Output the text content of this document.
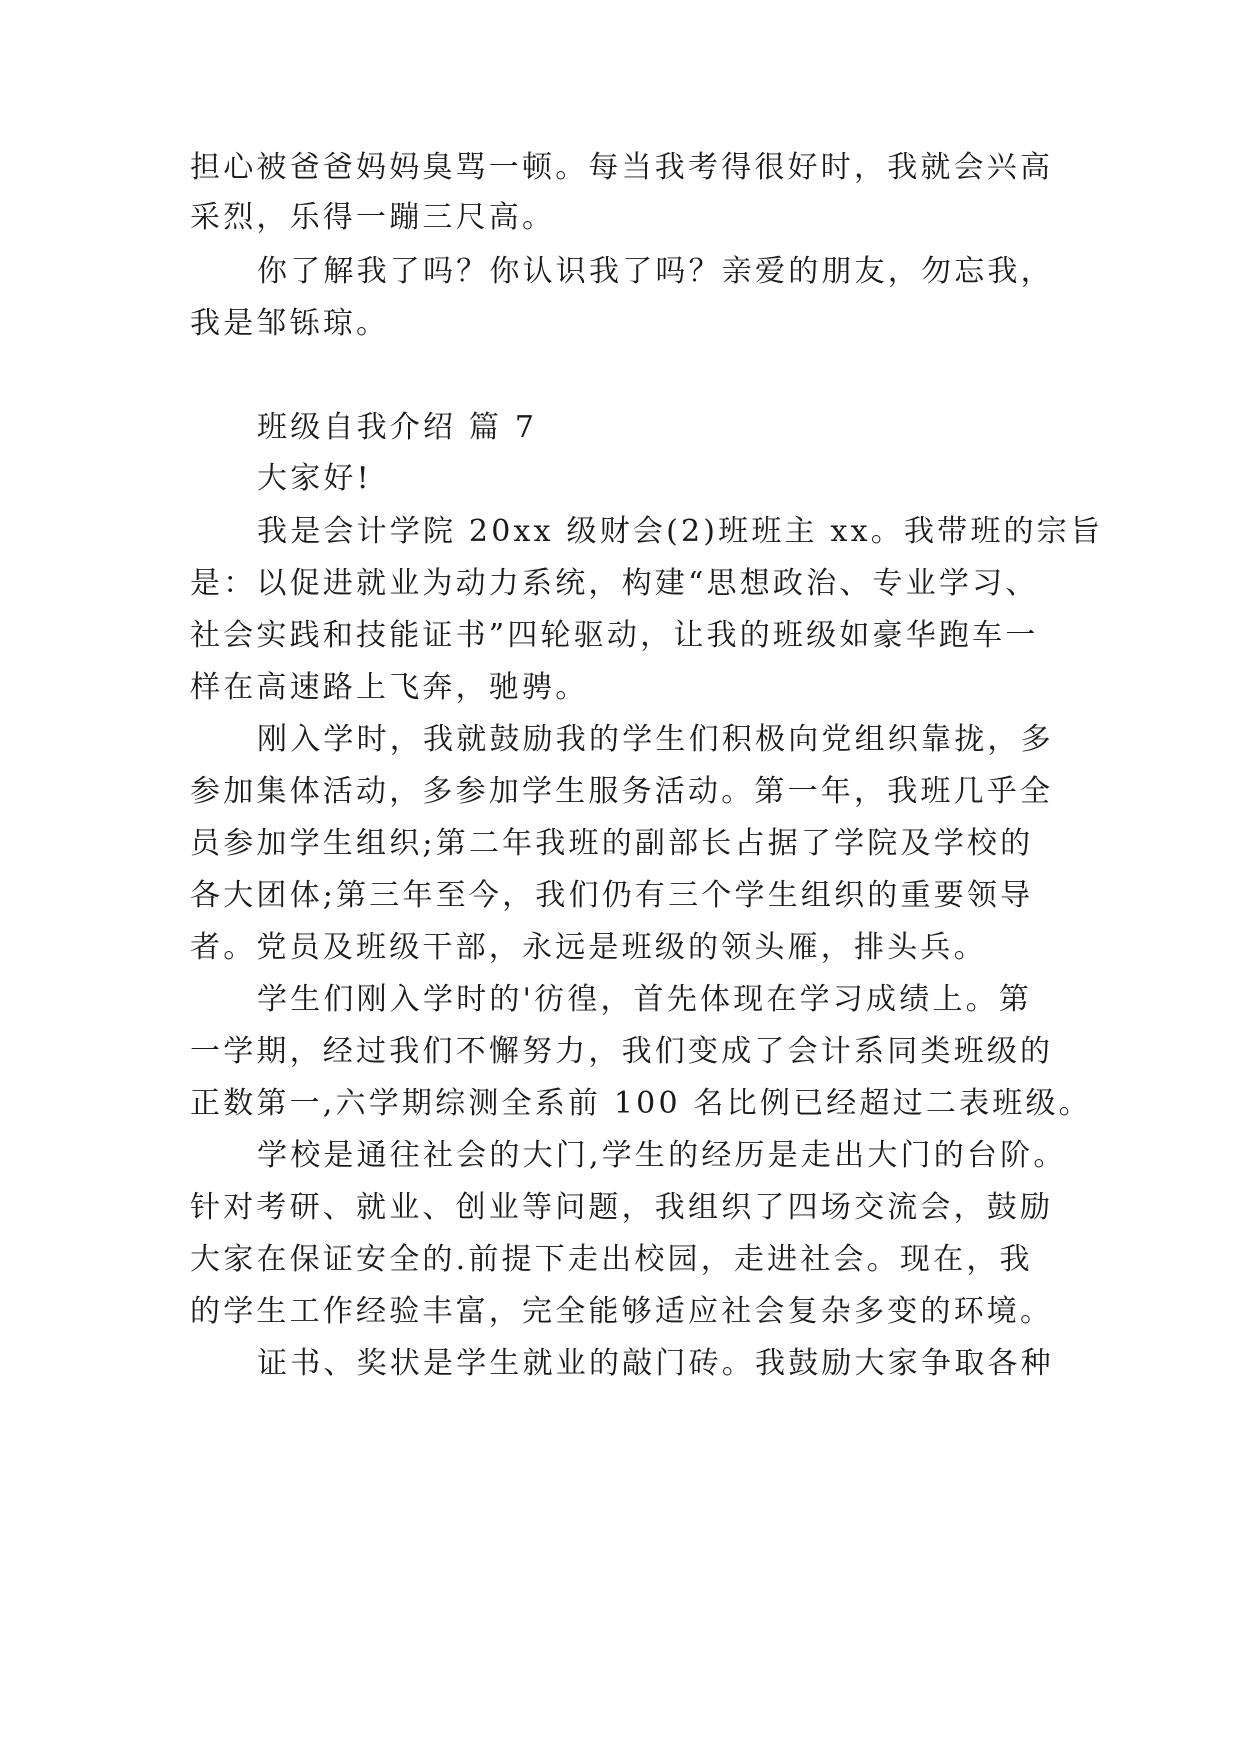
担心被爸爸妈妈臭骂一顿。每当我考得很好时，我就会兴高
采烈，乐得一蹦三尺高。
你了解我了吗？你认识我了吗？亲爱的朋友，勿忘我，
我是邹铄琼。
班级自我介绍 篇 7
大家好!
我是会计学院 20xx 级财会(2)班班主 xx。我带班的宗旨
是：以促进就业为动力系统，构建“思想政治、专业学习、
社会实践和技能证书”四轮驱动，让我的班级如豪华跑车一
样在高速路上飞奔，驰骋。
刚入学时，我就鼓励我的学生们积极向党组织靠拢，多
参加集体活动，多参加学生服务活动。第一年，我班几乎全
员参加学生组织;第二年我班的副部长占据了学院及学校的
各大团体;第三年至今，我们仍有三个学生组织的重要领导
者。党员及班级干部，永远是班级的领头雁，排头兵。
学生们刚入学时的'彷徨，首先体现在学习成绩上。第
一学期，经过我们不懈努力，我们变成了会计系同类班级的
正数第一,六学期综测全系前 100 名比例已经超过二表班级。
学校是通往社会的大门,学生的经历是走出大门的台阶。
针对考研、就业、创业等问题，我组织了四场交流会，鼓励
大家在保证安全的.前提下走出校园，走进社会。现在，我
的学生工作经验丰富，完全能够适应社会复杂多变的环境。
证书、奖状是学生就业的敲门砖。我鼓励大家争取各种
